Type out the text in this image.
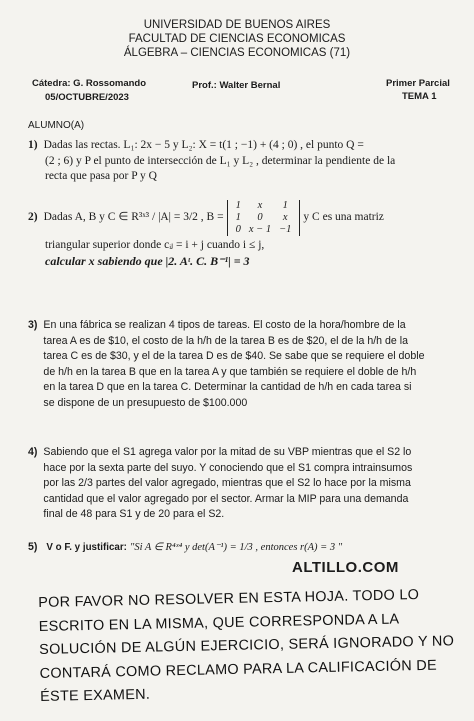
UNIVERSIDAD DE BUENOS AIRES
FACULTAD DE CIENCIAS ECONOMICAS
ÁLGEBRA – CIENCIAS ECONOMICAS (71)
Cátedra: G. Rossomando	Prof.: Walter Bernal	Primer Parcial
05/OCTUBRE/2023	TEMA 1
ALUMNO(A)
1) Dadas las rectas. L₁: 2x − 5 y L₂: X = t(1 ; −1) + (4 ; 0) , el punto Q =
(2 ; 6) y P el punto de intersección de L₁ y L₂ , determinar la pendiente de la
recta que pasa por P y Q
2) Dadas A, B y C ∈ R³ˣ³ / |A| = 3/2 , B =
1	x	1
1	0	x
0	x − 1	−1
y C es una matriz
triangular superior donde cᵢⱼ = i + j cuando i ≤ j,
calcular x sabiendo que |2. Aᵗ. C. B⁻¹| = 3
3) En una fábrica se realizan 4 tipos de tareas. El costo de la hora/hombre de la
tarea A es de $10, el costo de la h/h de la tarea B es de $20, el de la h/h de la
tarea C es de $30, y el de la tarea D es de $40. Se sabe que se requiere el doble
de h/h en la tarea B que en la tarea A y que también se requiere el doble de h/h
en la tarea D que en la tarea C. Determinar la cantidad de h/h en cada tarea si
se dispone de un presupuesto de $100.000
4) Sabiendo que el S1 agrega valor por la mitad de su VBP mientras que el S2 lo
hace por la sexta parte del suyo. Y conociendo que el S1 compra intrainsumos
por las 2/3 partes del valor agregado, mientras que el S2 lo hace por la misma
cantidad que el valor agregado por el sector. Armar la MIP para una demanda
final de 48 para S1 y de 20 para el S2.
5) V o F. y justificar: "Si A ∈ R⁴ˣ⁴ y det(A⁻¹) = 1/3 , entonces r(A) = 3 "
ALTILLO.COM
POR FAVOR NO RESOLVER EN ESTA HOJA. TODO LO
ESCRITO EN LA MISMA, QUE CORRESPONDA A LA
SOLUCIÓN DE ALGÚN EJERCICIO, SERÁ IGNORADO Y NO
CONTARÁ COMO RECLAMO PARA LA CALIFICACIÓN DE
ÉSTE EXAMEN.
